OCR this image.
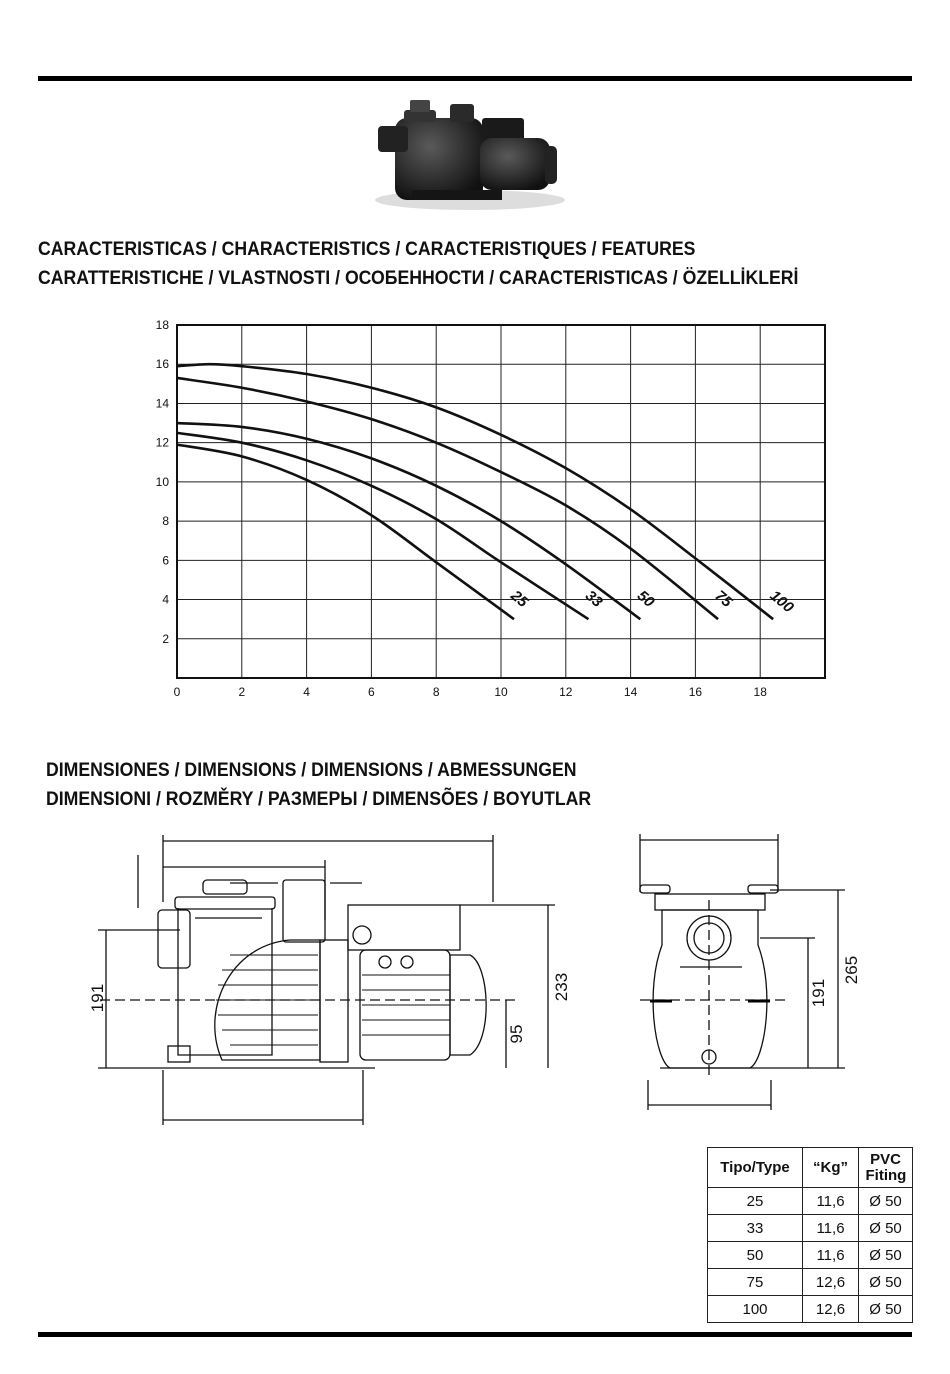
CARACTERISTICAS / CHARACTERISTICS / CARACTERISTIQUES / FEATURES
CARATTERISTICHE / VLASTNOSTI / ОСОБЕННОСТИ / CARACTERISTICAS / ÖZELLİKLERİ
0	2	4	6	8	10	12	14	16	18
2
4
6
8
10
12
14
16
18
25	33 50	75 100
DIMENSIONES / DIMENSIONS / DIMENSIONS / ABMESSUNGEN
DIMENSIONI / ROZMĚRY / РАЗМЕРЫ / DIMENSÕES / BOYUTLAR
191	233
95
265
191
Tipo/Type	“Kg”	PVC Fiting
25	11,6	Ø 50
33	11,6	Ø 50
50	11,6	Ø 50
75	12,6	Ø 50
100	12,6	Ø 50
